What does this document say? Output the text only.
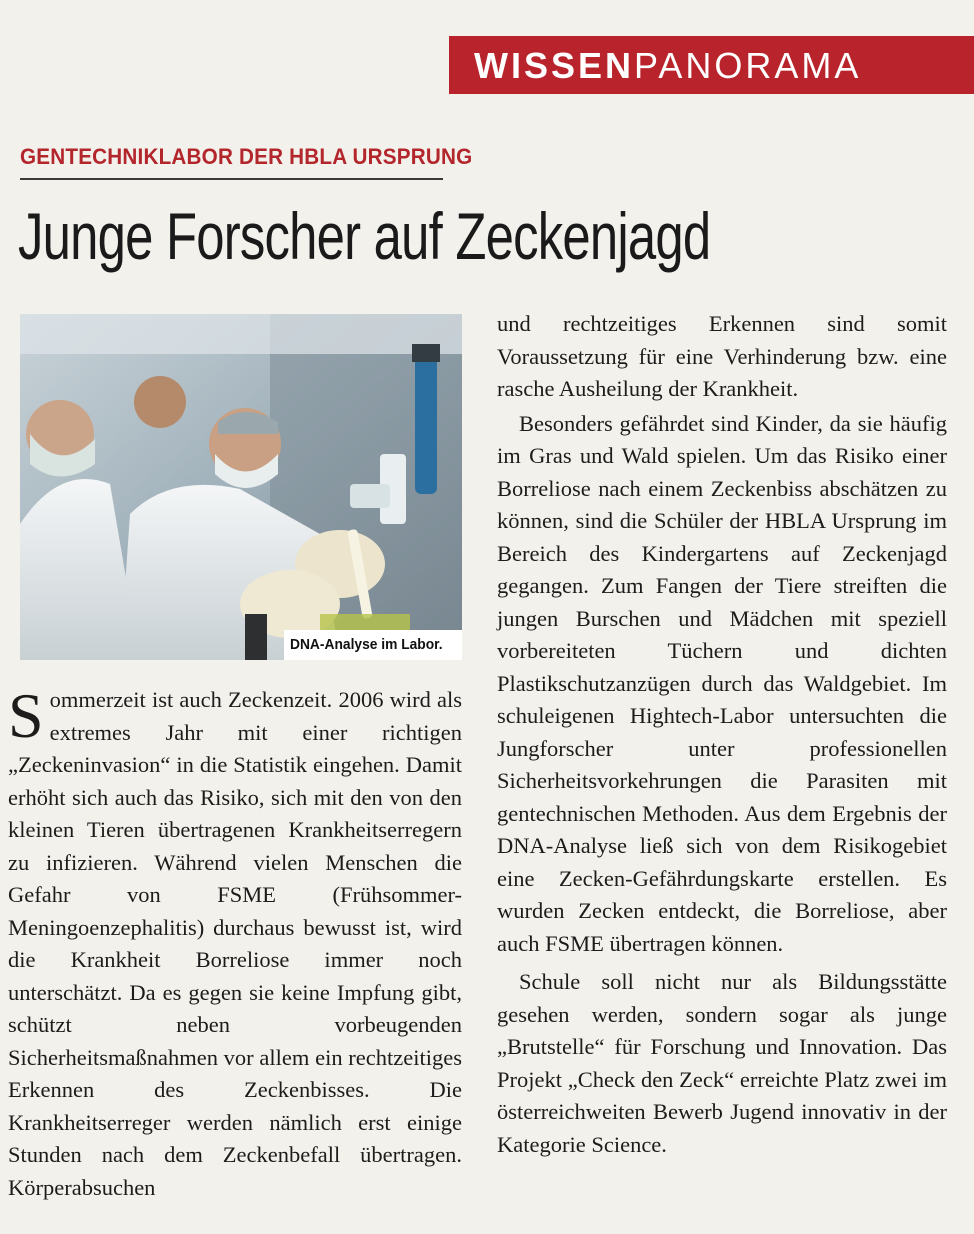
WISSENPANORAMA
GENTECHNIKLABOR DER HBLA URSPRUNG
Junge Forscher auf Zeckenjagd
DNA-Analyse im Labor.

Sommerzeit ist auch Zeckenzeit. 2006 wird als extremes Jahr mit einer richtigen „Zeckeninvasion“ in die Statistik eingehen. Damit erhöht sich auch das Risiko, sich mit den von den kleinen Tieren übertragenen Krankheitserregern zu infizieren. Während vielen Menschen die Gefahr von FSME (Frühsommer-Meningoenzephalitis) durchaus bewusst ist, wird die Krankheit Borreliose immer noch unterschätzt. Da es gegen sie keine Impfung gibt, schützt neben vorbeugenden Sicherheitsmaßnahmen vor allem ein rechtzeitiges Erkennen des Zeckenbisses. Die Krankheitserreger werden nämlich erst einige Stunden nach dem Zeckenbefall übertragen. Körperabsuchen

und rechtzeitiges Erkennen sind somit Voraussetzung für eine Verhinderung bzw. eine rasche Ausheilung der Krankheit.

Besonders gefährdet sind Kinder, da sie häufig im Gras und Wald spielen. Um das Risiko einer Borreliose nach einem Zeckenbiss abschätzen zu können, sind die Schüler der HBLA Ursprung im Bereich des Kindergartens auf Zeckenjagd gegangen. Zum Fangen der Tiere streiften die jungen Burschen und Mädchen mit speziell vorbereiteten Tüchern und dichten Plastikschutzanzügen durch das Waldgebiet. Im schuleigenen Hightech-Labor untersuchten die Jungforscher unter professionellen Sicherheitsvorkehrungen die Parasiten mit gentechnischen Methoden. Aus dem Ergebnis der DNA-Analyse ließ sich von dem Risikogebiet eine Zecken-Gefährdungskarte erstellen. Es wurden Zecken entdeckt, die Borreliose, aber auch FSME übertragen können.

Schule soll nicht nur als Bildungsstätte gesehen werden, sondern sogar als junge „Brutstelle“ für Forschung und Innovation. Das Projekt „Check den Zeck“ erreichte Platz zwei im österreichweiten Bewerb Jugend innovativ in der Kategorie Science.
